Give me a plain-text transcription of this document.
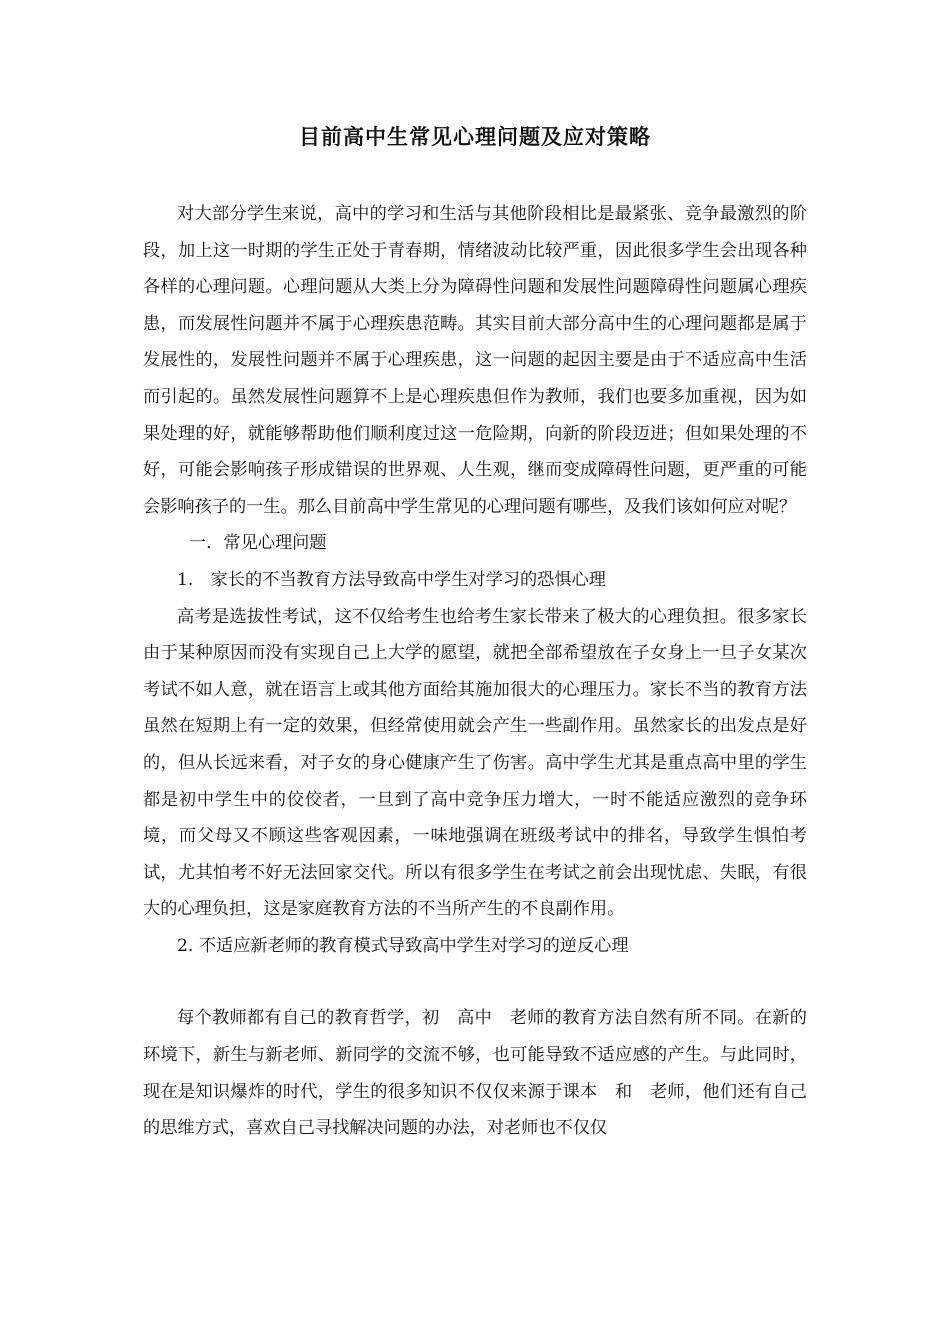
目前高中生常见心理问题及应对策略

对大部分学生来说，高中的学习和生活与其他阶段相比是最紧张、竞争最激烈的阶段，加上这一时期的学生正处于青春期，情绪波动比较严重，因此很多学生会出现各种各样的心理问题。心理问题从大类上分为障碍性问题和发展性问题障碍性问题属心理疾患，而发展性问题并不属于心理疾患范畴。其实目前大部分高中生的心理问题都是属于发展性的，发展性问题并不属于心理疾患，这一问题的起因主要是由于不适应高中生活而引起的。虽然发展性问题算不上是心理疾患但作为教师，我们也要多加重视，因为如果处理的好，就能够帮助他们顺利度过这一危险期，向新的阶段迈进；但如果处理的不好，可能会影响孩子形成错误的世界观、人生观，继而变成障碍性问题，更严重的可能会影响孩子的一生。那么目前高中学生常见的心理问题有哪些，及我们该如何应对呢？

一．常见心理问题

1.　家长的不当教育方法导致高中学生对学习的恐惧心理

高考是选拔性考试，这不仅给考生也给考生家长带来了极大的心理负担。很多家长由于某种原因而没有实现自己上大学的愿望，就把全部希望放在子女身上一旦子女某次考试不如人意，就在语言上或其他方面给其施加很大的心理压力。家长不当的教育方法虽然在短期上有一定的效果，但经常使用就会产生一些副作用。虽然家长的出发点是好的，但从长远来看，对子女的身心健康产生了伤害。高中学生尤其是重点高中里的学生都是初中学生中的佼佼者，一旦到了高中竞争压力增大，一时不能适应激烈的竞争环境，而父母又不顾这些客观因素，一味地强调在班级考试中的排名，导致学生惧怕考试，尤其怕考不好无法回家交代。所以有很多学生在考试之前会出现忧虑、失眠，有很大的心理负担，这是家庭教育方法的不当所产生的不良副作用。

2. 不适应新老师的教育模式导致高中学生对学习的逆反心理

每个教师都有自己的教育哲学，初　高中　老师的教育方法自然有所不同。在新的环境下，新生与新老师、新同学的交流不够，也可能导致不适应感的产生。与此同时，现在是知识爆炸的时代，学生的很多知识不仅仅来源于课本　和　老师，他们还有自己的思维方式，喜欢自己寻找解决问题的办法，对老师也不仅仅
